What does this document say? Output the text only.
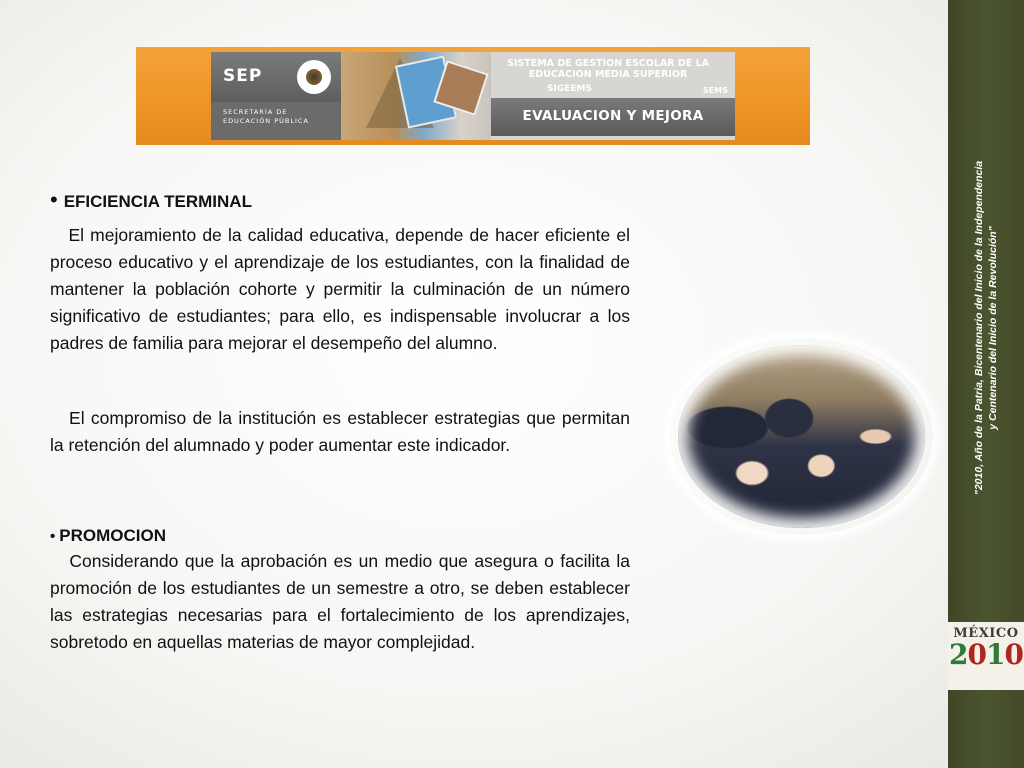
SEP
SECRETARÍA DE
EDUCACIÓN PÚBLICA
SISTEMA DE GESTION ESCOLAR DE LA
EDUCACION MEDIA SUPERIOR
SIGEEMS	SEMS
EVALUACION Y MEJORA
• EFICIENCIA TERMINAL
El mejoramiento de la calidad educativa, depende de hacer eficiente el proceso educativo y el aprendizaje de los estudiantes, con la finalidad de mantener la población cohorte y permitir la culminación de un número significativo de estudiantes; para ello, es indispensable involucrar a los padres de familia para mejorar el desempeño del alumno.
El compromiso de la institución es establecer estrategias que permitan la retención del alumnado y poder aumentar este indicador.
• PROMOCION
Considerando que la aprobación es un medio que asegura o facilita la promoción de los estudiantes de un semestre a otro, se deben establecer las estrategias necesarias para el fortalecimiento de los aprendizajes, sobretodo en aquellas materias de mayor complejidad.
"2010, Año de la Patria, Bicentenario del Inicio de la Independencia y Centenario del Inicio de la Revolución"
MÉXICO
2010
